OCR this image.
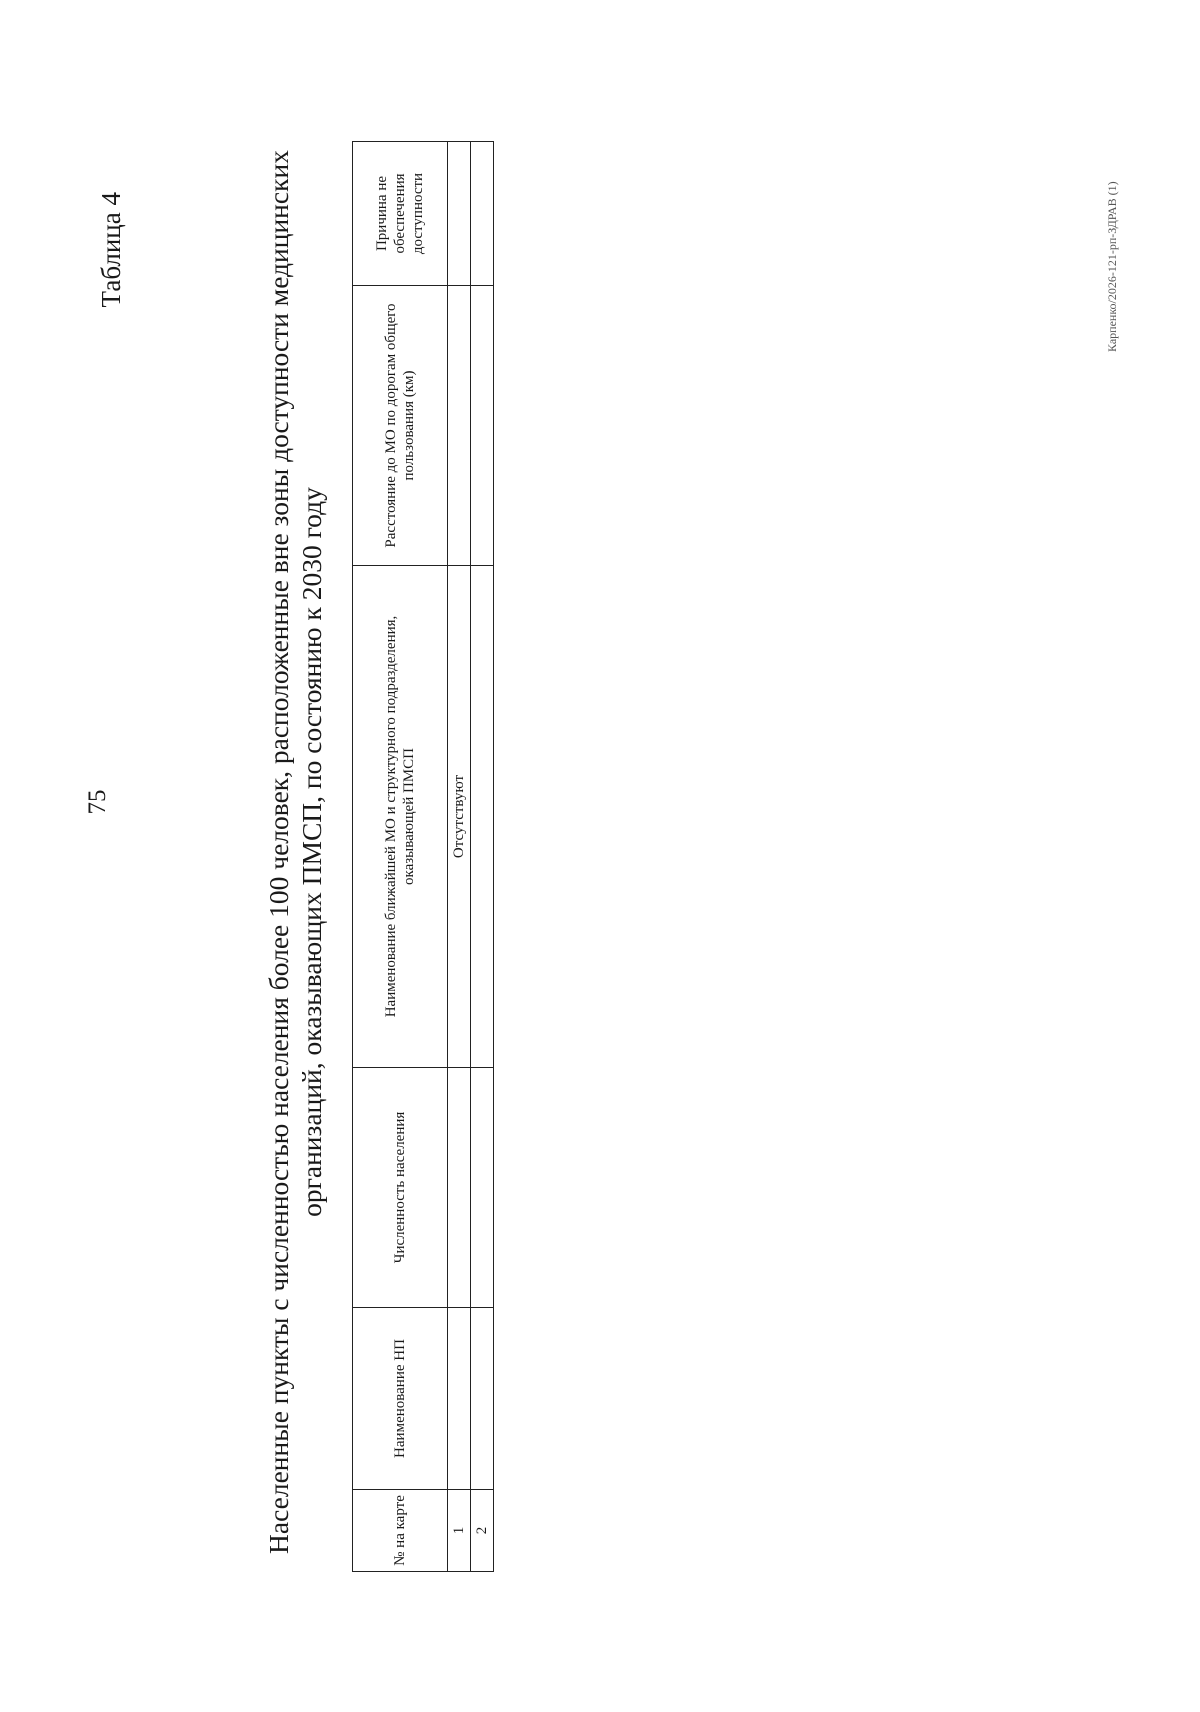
75
Таблица 4	Населенные пункты с численностью населения более 100 человек, расположенные вне зоны доступности медицинских организаций, оказывающих ПМСП, по состоянию к 2030 году
№ на карте	Наименование НП	Численность населения	Наименование ближайшей МО и структурного подразделения, оказывающей ПМСП	Расстояние до МО по дорогам общего пользования (км)	Причина не обеспечения доступности
1			Отсутствуют		
2					
Карпенко/2026-121-рп-ЗДРАВ (1)
